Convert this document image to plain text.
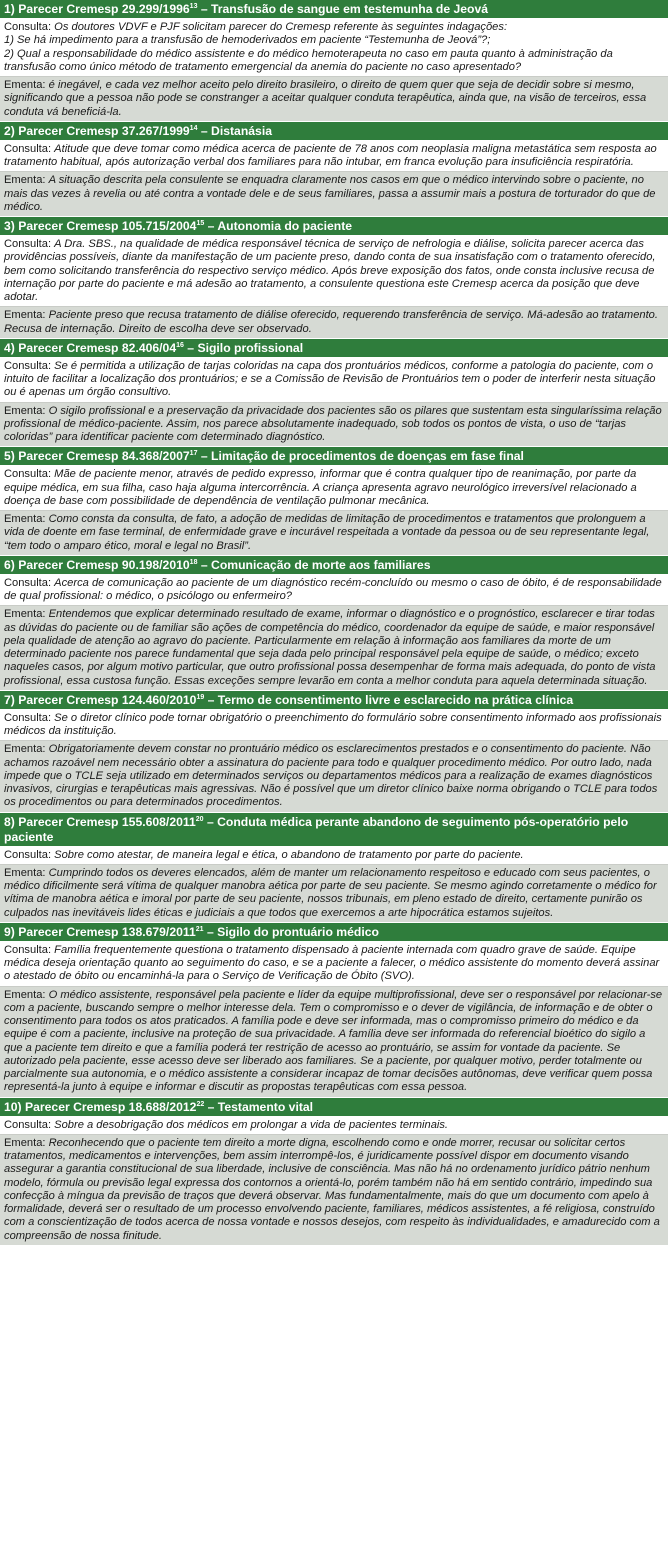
1) Parecer Cremesp 29.299/1996$^{13}$ – Transfusão de sangue em testemunha de Jeová
Consulta: Os doutores VDVF e PJF solicitam parecer do Cremesp referente às seguintes indagações:
1) Se há impedimento para a transfusão de hemoderivados em paciente “Testemunha de Jeová”?;
2) Qual a responsabilidade do médico assistente e do médico hemoterapeuta no caso em pauta quanto à administração da transfusão como único método de tratamento emergencial da anemia do paciente no caso apresentado?
Ementa: é inegável, e cada vez melhor aceito pelo direito brasileiro, o direito de quem quer que seja de decidir sobre si mesmo, significando que a pessoa não pode se constranger a aceitar qualquer conduta terapêutica, ainda que, na visão de terceiros, essa conduta vá beneficiá-la.
2) Parecer Cremesp 37.267/1999$^{14}$ – Distanásia
Consulta: Atitude que deve tomar como médica acerca de paciente de 78 anos com neoplasia maligna metastática sem resposta ao tratamento habitual, após autorização verbal dos familiares para não intubar, em franca evolução para insuficiência respiratória.
Ementa: A situação descrita pela consulente se enquadra claramente nos casos em que o médico intervindo sobre o paciente, no mais das vezes à revelia ou até contra a vontade dele e de seus familiares, passa a assumir mais a postura de torturador do que de médico.
3) Parecer Cremesp 105.715/2004$^{15}$ – Autonomia do paciente
Consulta: A Dra. SBS., na qualidade de médica responsável técnica de serviço de nefrologia e diálise, solicita parecer acerca das providências possíveis, diante da manifestação de um paciente preso, dando conta de sua insatisfação com o tratamento oferecido, bem como solicitando transferência do respectivo serviço médico. Após breve exposição dos fatos, onde consta inclusive recusa de internação por parte do paciente e má adesão ao tratamento, a consulente questiona este Cremesp acerca da posição que deve adotar.
Ementa: Paciente preso que recusa tratamento de diálise oferecido, requerendo transferência de serviço. Má-adesão ao tratamento. Recusa de internação. Direito de escolha deve ser observado.
4) Parecer Cremesp $82.406/04^{16}$ – Sigilo profissional
Consulta: Se é permitida a utilização de tarjas coloridas na capa dos prontuários médicos, conforme a patologia do paciente, com o intuito de facilitar a localização dos prontuários; e se a Comissão de Revisão de Prontuários tem o poder de interferir nesta situação ou é apenas um órgão consultivo.
Ementa: O sigilo profissional e a preservação da privacidade dos pacientes são os pilares que sustentam esta singularíssima relação profissional de médico-paciente. Assim, nos parece absolutamente inadequado, sob todos os pontos de vista, o uso de “tarjas coloridas” para identificar paciente com determinado diagnóstico.
5) Parecer Cremesp 84.368/2007$^{17}$ – Limitação de procedimentos de doenças em fase final
Consulta: Mãe de paciente menor, através de pedido expresso, informar que é contra qualquer tipo de reanimação, por parte da equipe médica, em sua filha, caso haja alguma intercorrência. A criança apresenta agravo neurológico irreversível relacionado a doença de base com possibilidade de dependência de ventilação pulmonar mecânica.
Ementa: Como consta da consulta, de fato, a adoção de medidas de limitação de procedimentos e tratamentos que prolonguem a vida de doente em fase terminal, de enfermidade grave e incurável respeitada a vontade da pessoa ou de seu representante legal, “tem todo o amparo ético, moral e legal no Brasil”.
6) Parecer Cremesp 90.198/2010$^{18}$ – Comunicação de morte aos familiares
Consulta: Acerca de comunicação ao paciente de um diagnóstico recém-concluído ou mesmo o caso de óbito, é de responsabilidade de qual profissional: o médico, o psicólogo ou enfermeiro?
Ementa: Entendemos que explicar determinado resultado de exame, informar o diagnóstico e o prognóstico, esclarecer e tirar todas as dúvidas do paciente ou de familiar são ações de competência do médico, coordenador da equipe de saúde, e maior responsável pela qualidade de atenção ao agravo do paciente. Particularmente em relação à informação aos familiares da morte de um determinado paciente nos parece fundamental que seja dada pelo principal responsável pela equipe de saúde, o médico; exceto naqueles casos, por algum motivo particular, que outro profissional possa desempenhar de forma mais adequada, do ponto de vista profissional, essa custosa função. Essas exceções sempre levarão em conta a melhor conduta para aquela determinada situação.
7) Parecer Cremesp 124.460/2010$^{19}$ – Termo de consentimento livre e esclarecido na prática clínica
Consulta: Se o diretor clínico pode tornar obrigatório o preenchimento do formulário sobre consentimento informado aos profissionais médicos da instituição.
Ementa: Obrigatoriamente devem constar no prontuário médico os esclarecimentos prestados e o consentimento do paciente. Não achamos razoável nem necessário obter a assinatura do paciente para todo e qualquer procedimento médico. Por outro lado, nada impede que o TCLE seja utilizado em determinados serviços ou departamentos médicos para a realização de exames diagnósticos invasivos, cirurgias e terapêuticas mais agressivas. Não é possível que um diretor clínico baixe norma obrigando o TCLE para todos os procedimentos ou para determinados procedimentos.
8) Parecer Cremesp 155.608/2011$^{20}$ – Conduta médica perante abandono de seguimento pós-operatório pelo paciente
Consulta: Sobre como atestar, de maneira legal e ética, o abandono de tratamento por parte do paciente.
Ementa: Cumprindo todos os deveres elencados, além de manter um relacionamento respeitoso e educado com seus pacientes, o médico dificilmente será vítima de qualquer manobra aética por parte de seu paciente. Se mesmo agindo corretamente o médico for vítima de manobra aética e imoral por parte de seu paciente, nossos tribunais, em pleno estado de direito, certamente punirão os culpados nas inevitáveis lides éticas e judiciais a que todos que exercemos a arte hipocrática estamos sujeitos.
9) Parecer Cremesp 138.679/2011$^{21}$ – Sigilo do prontuário médico
Consulta: Família frequentemente questiona o tratamento dispensado à paciente internada com quadro grave de saúde. Equipe médica deseja orientação quanto ao seguimento do caso, e se a paciente a falecer, o médico assistente do momento deverá assinar o atestado de óbito ou encaminhá-la para o Serviço de Verificação de Óbito (SVO).
Ementa: O médico assistente, responsável pela paciente e líder da equipe multiprofissional, deve ser o responsável por relacionar-se com a paciente, buscando sempre o melhor interesse dela. Tem o compromisso e o dever de vigilância, de informação e de obter o consentimento para todos os atos praticados. A família pode e deve ser informada, mas o compromisso primeiro do médico e da equipe é com a paciente, inclusive na proteção de sua privacidade. A família deve ser informada do referencial bioético do sigilo a que a paciente tem direito e que a família poderá ter restrição de acesso ao prontuário, se assim for vontade da paciente. Se autorizado pela paciente, esse acesso deve ser liberado aos familiares. Se a paciente, por qualquer motivo, perder totalmente ou parcialmente sua autonomia, e o médico assistente a considerar incapaz de tomar decisões autônomas, deve verificar quem possa representá-la junto à equipe e informar e discutir as propostas terapêuticas com essa pessoa.
10) Parecer Cremesp 18.688/2012$^{22}$ – Testamento vital
Consulta: Sobre a desobrigação dos médicos em prolongar a vida de pacientes terminais.
Ementa: Reconhecendo que o paciente tem direito a morte digna, escolhendo como e onde morrer, recusar ou solicitar certos tratamentos, medicamentos e intervenções, bem assim interrompê-los, é juridicamente possível dispor em documento visando assegurar a garantia constitucional de sua liberdade, inclusive de consciência. Mas não há no ordenamento jurídico pátrio nenhum modelo, fórmula ou previsão legal expressa dos contornos a orientá-lo, porém também não há em sentido contrário, impedindo sua confecção à míngua da previsão de traços que deverá observar. Mas fundamentalmente, mais do que um documento com apelo à formalidade, deverá ser o resultado de um processo envolvendo paciente, familiares, médicos assistentes, a fé religiosa, construído com a conscientização de todos acerca de nossa vontade e nossos desejos, com respeito às individualidades, e amadurecido com a compreensão de nossa finitude.
